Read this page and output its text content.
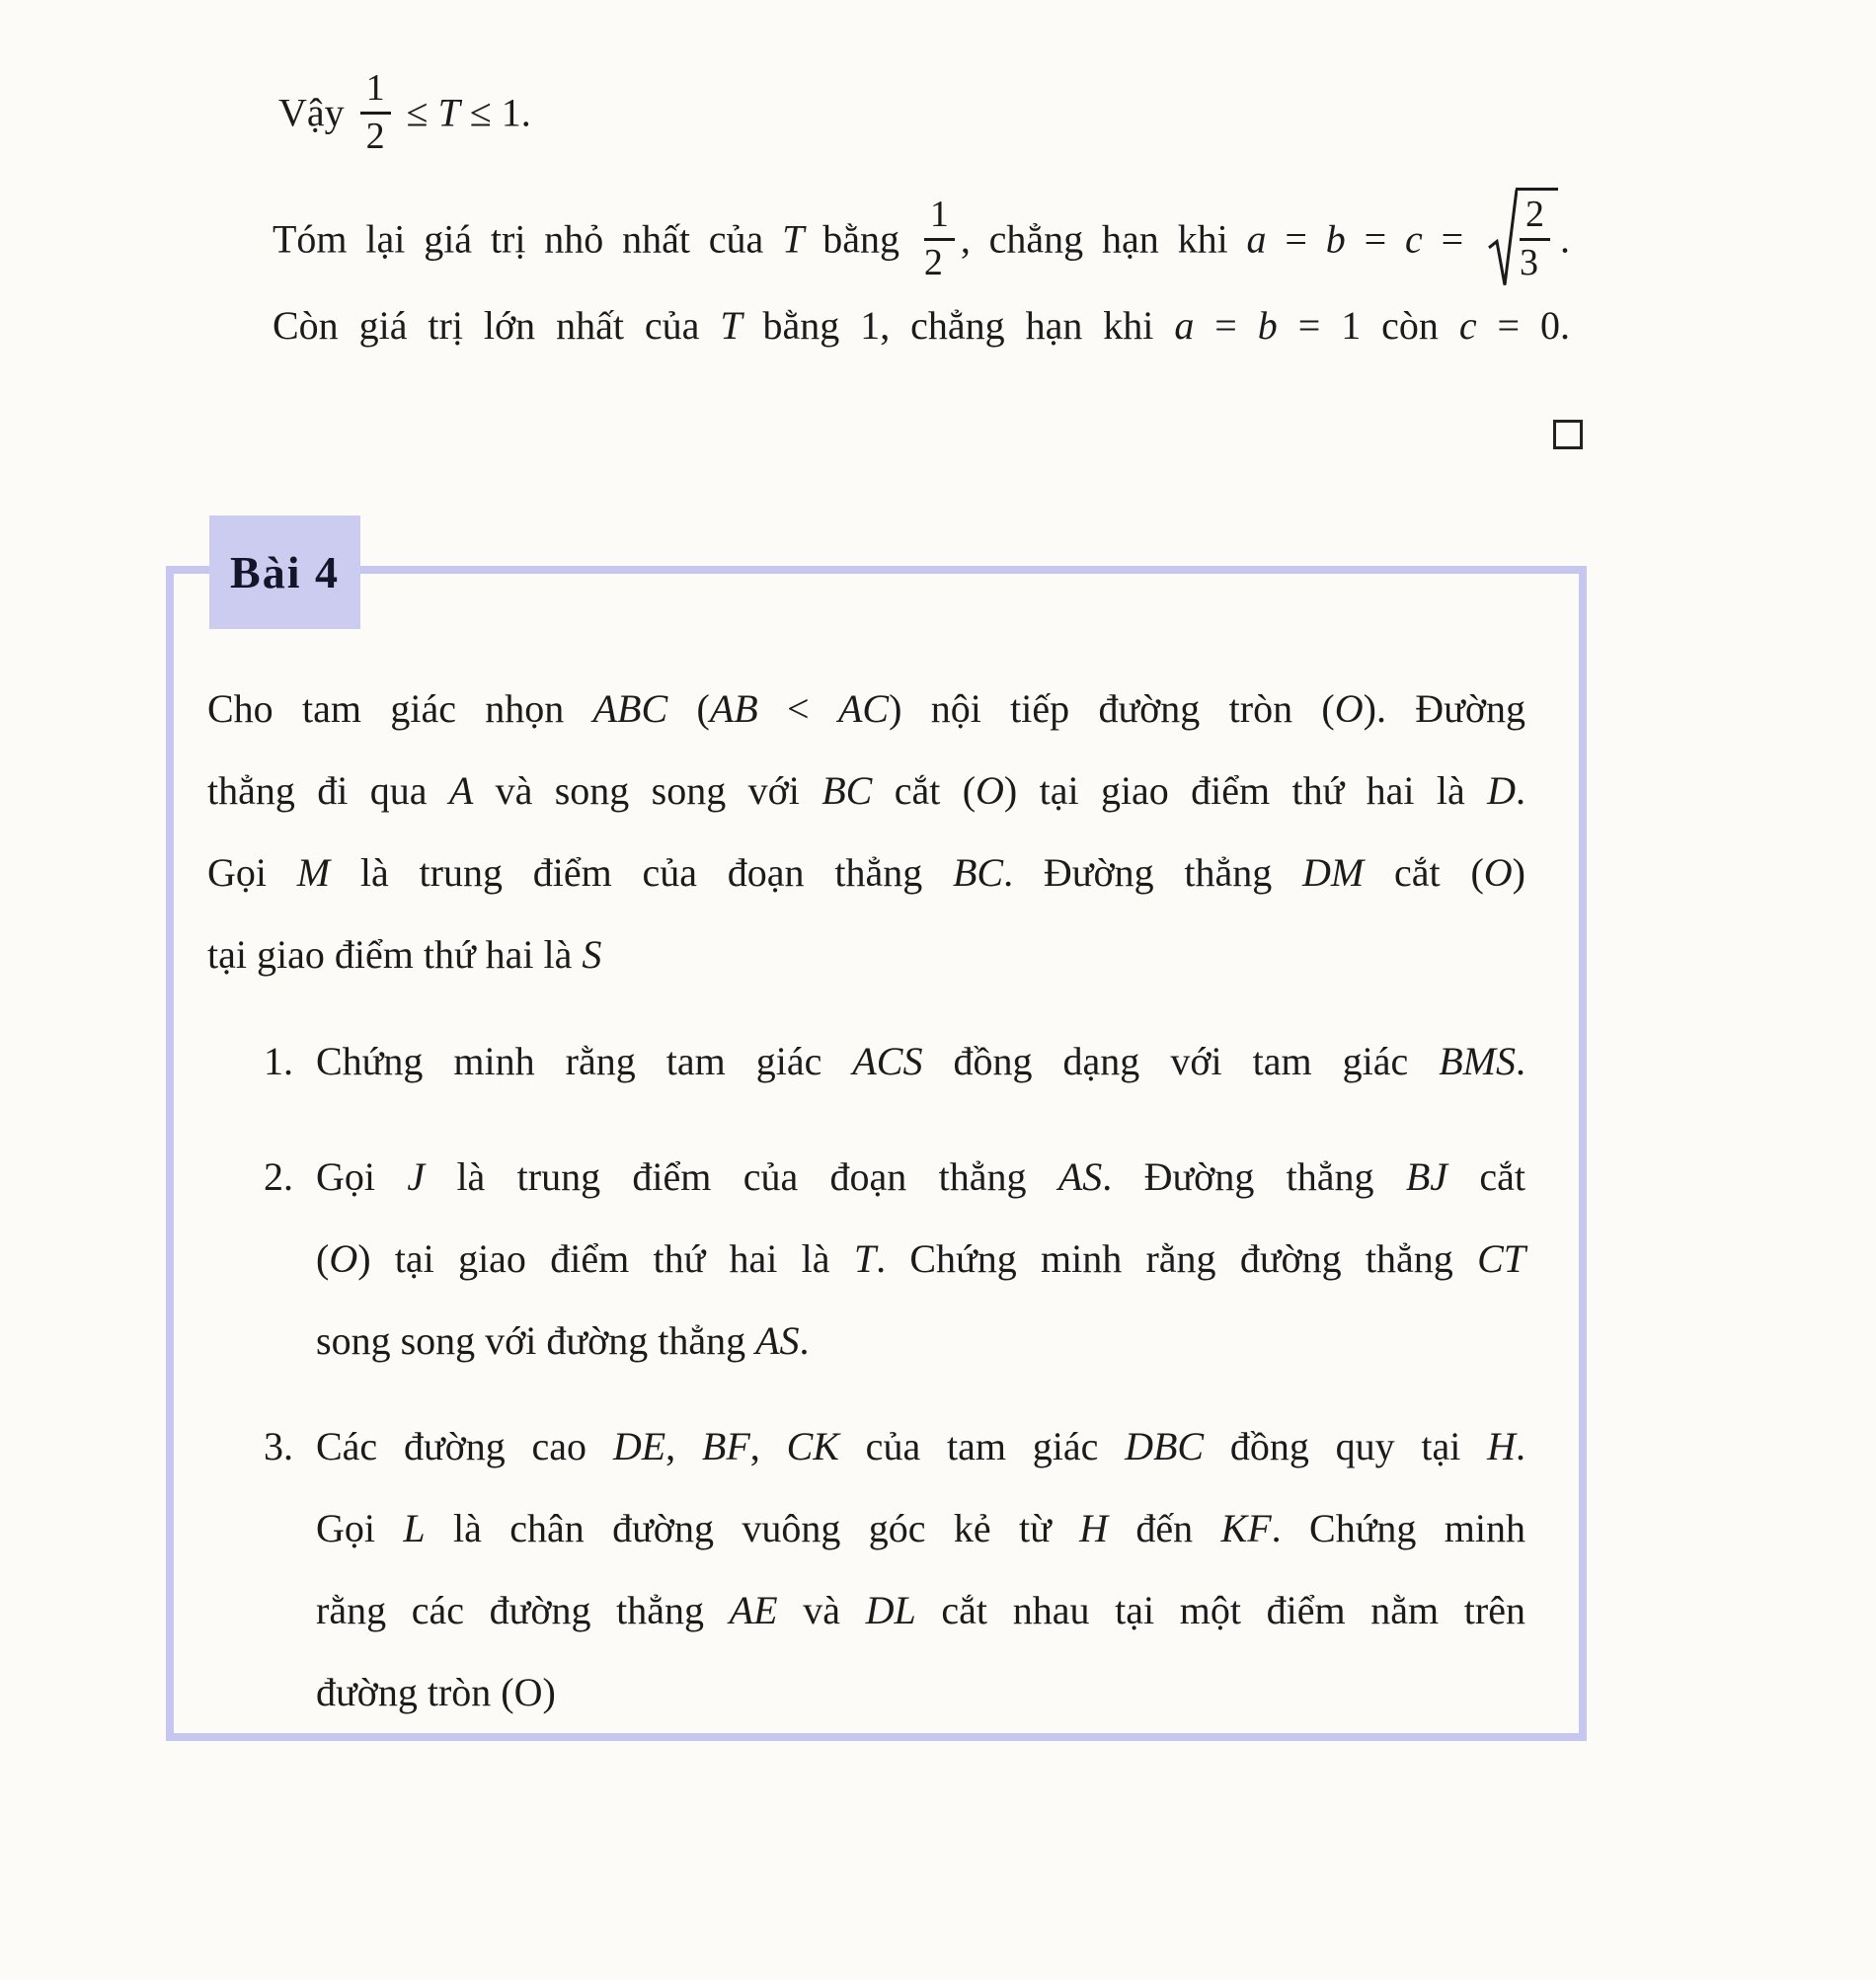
Vậy $\frac{1}{2} \le T \le 1$.
Tóm lại giá trị nhỏ nhất của T bằng $\frac{1}{2}$ , chẳng hạn khi $a = b = c = \frac{2}{3}$ .
Còn giá trị lớn nhất của T bằng 1, chẳng hạn khi a = b = 1 còn c = 0.
Bài 4
Cho tam giác nhọn ABC (AB < AC) nội tiếp đường tròn (O). Đường
thẳng đi qua A và song song với BC cắt (O) tại giao điểm thứ hai là D.
Gọi M là trung điểm của đoạn thẳng BC. Đường thẳng DM cắt (O)
tại giao điểm thứ hai là S
1. Chứng minh rằng tam giác ACS đồng dạng với tam giác BMS.
2. Gọi J là trung điểm của đoạn thẳng AS. Đường thẳng BJ cắt
(O) tại giao điểm thứ hai là T. Chứng minh rằng đường thẳng CT
song song với đường thẳng AS.
3. Các đường cao DE, BF, CK của tam giác DBC đồng quy tại H.
Gọi L là chân đường vuông góc kẻ từ H đến KF. Chứng minh
rằng các đường thẳng AE và DL cắt nhau tại một điểm nằm trên
đường tròn (O)
